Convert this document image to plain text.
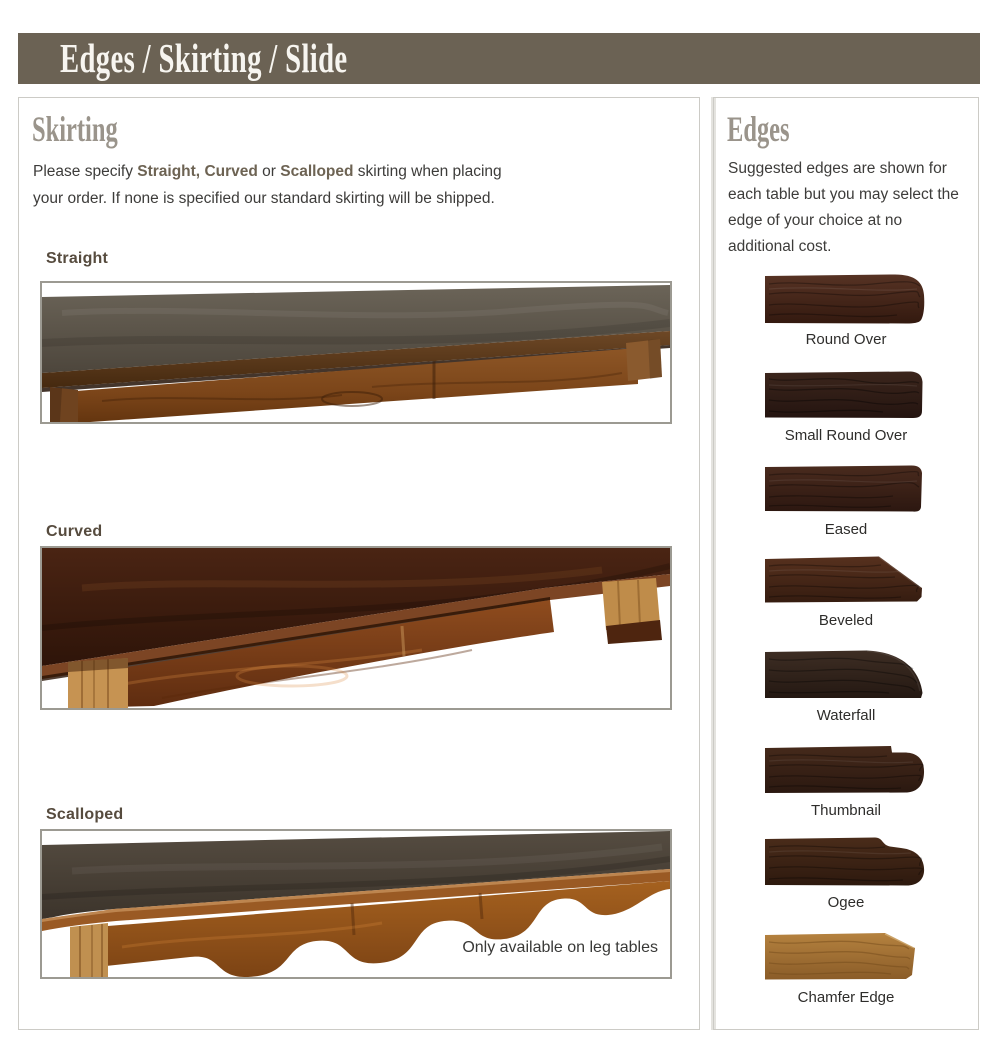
Edges / Skirting / Slide
Skirting

Please specify Straight, Curved or Scalloped skirting when placing your order. If none is specified our standard skirting will be shipped.

Straight
Curved
Scalloped
Only available on leg tables
Edges

Suggested edges are shown for each table but you may select the edge of your choice at no additional cost.

Round Over
Small Round Over
Eased
Beveled
Waterfall
Thumbnail
Ogee
Chamfer Edge
